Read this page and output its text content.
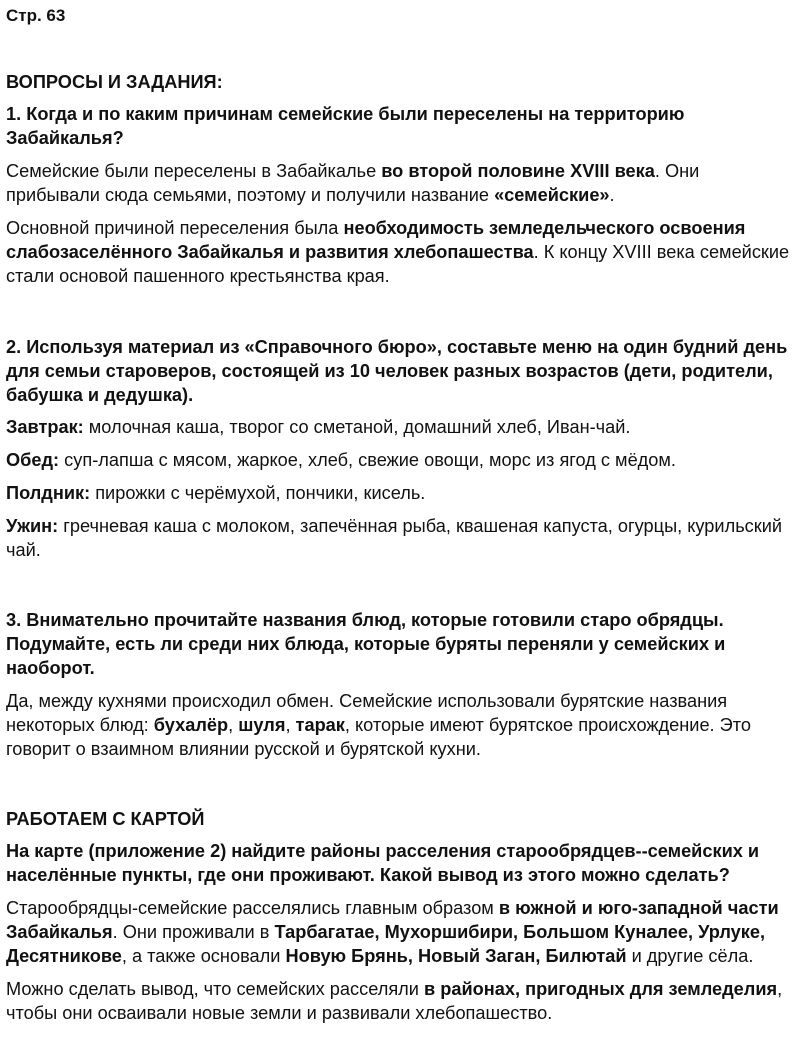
Стр. 63

ВОПРОСЫ И ЗАДАНИЯ:

1. Когда и по каким причинам семейские были переселены на территорию Забайкалья?

Семейские были переселены в Забайкалье во второй половине XVIII века. Они прибывали сюда семьями, поэтому и получили название «семейские».

Основной причиной переселения была необходимость земледельческого освоения слабозаселённого Забайкалья и развития хлебопашества. К концу XVIII века семейские стали основой пашенного крестьянства края.

2. Используя материал из «Справочного бюро», составьте меню на один будний день для семьи староверов, состоящей из 10 человек разных возрастов (дети, родители, бабушка и дедушка).

Завтрак: молочная каша, творог со сметаной, домашний хлеб, Иван-чай.

Обед: суп-лапша с мясом, жаркое, хлеб, свежие овощи, морс из ягод с мёдом.

Полдник: пирожки с черёмухой, пончики, кисель.

Ужин: гречневая каша с молоком, запечённая рыба, квашеная капуста, огурцы, курильский чай.

3. Внимательно прочитайте названия блюд, которые готовили старо обрядцы. Подумайте, есть ли среди них блюда, которые буряты переняли у семейских и наоборот.

Да, между кухнями происходил обмен. Семейские использовали бурятские названия некоторых блюд: бухалёр, шуля, тарак, которые имеют бурятское происхождение. Это говорит о взаимном влиянии русской и бурятской кухни.

РАБОТАЕМ С КАРТОЙ

На карте (приложение 2) найдите районы расселения старообрядцев--семейских и населённые пункты, где они проживают. Какой вывод из этого можно сделать?

Старообрядцы-семейские расселялись главным образом в южной и юго-западной части Забайкалья. Они проживали в Тарбагатае, Мухоршибири, Большом Куналее, Урлуке, Десятникове, а также основали Новую Брянь, Новый Заган, Билютай и другие сёла.

Можно сделать вывод, что семейских расселяли в районах, пригодных для земледелия, чтобы они осваивали новые земли и развивали хлебопашество.
